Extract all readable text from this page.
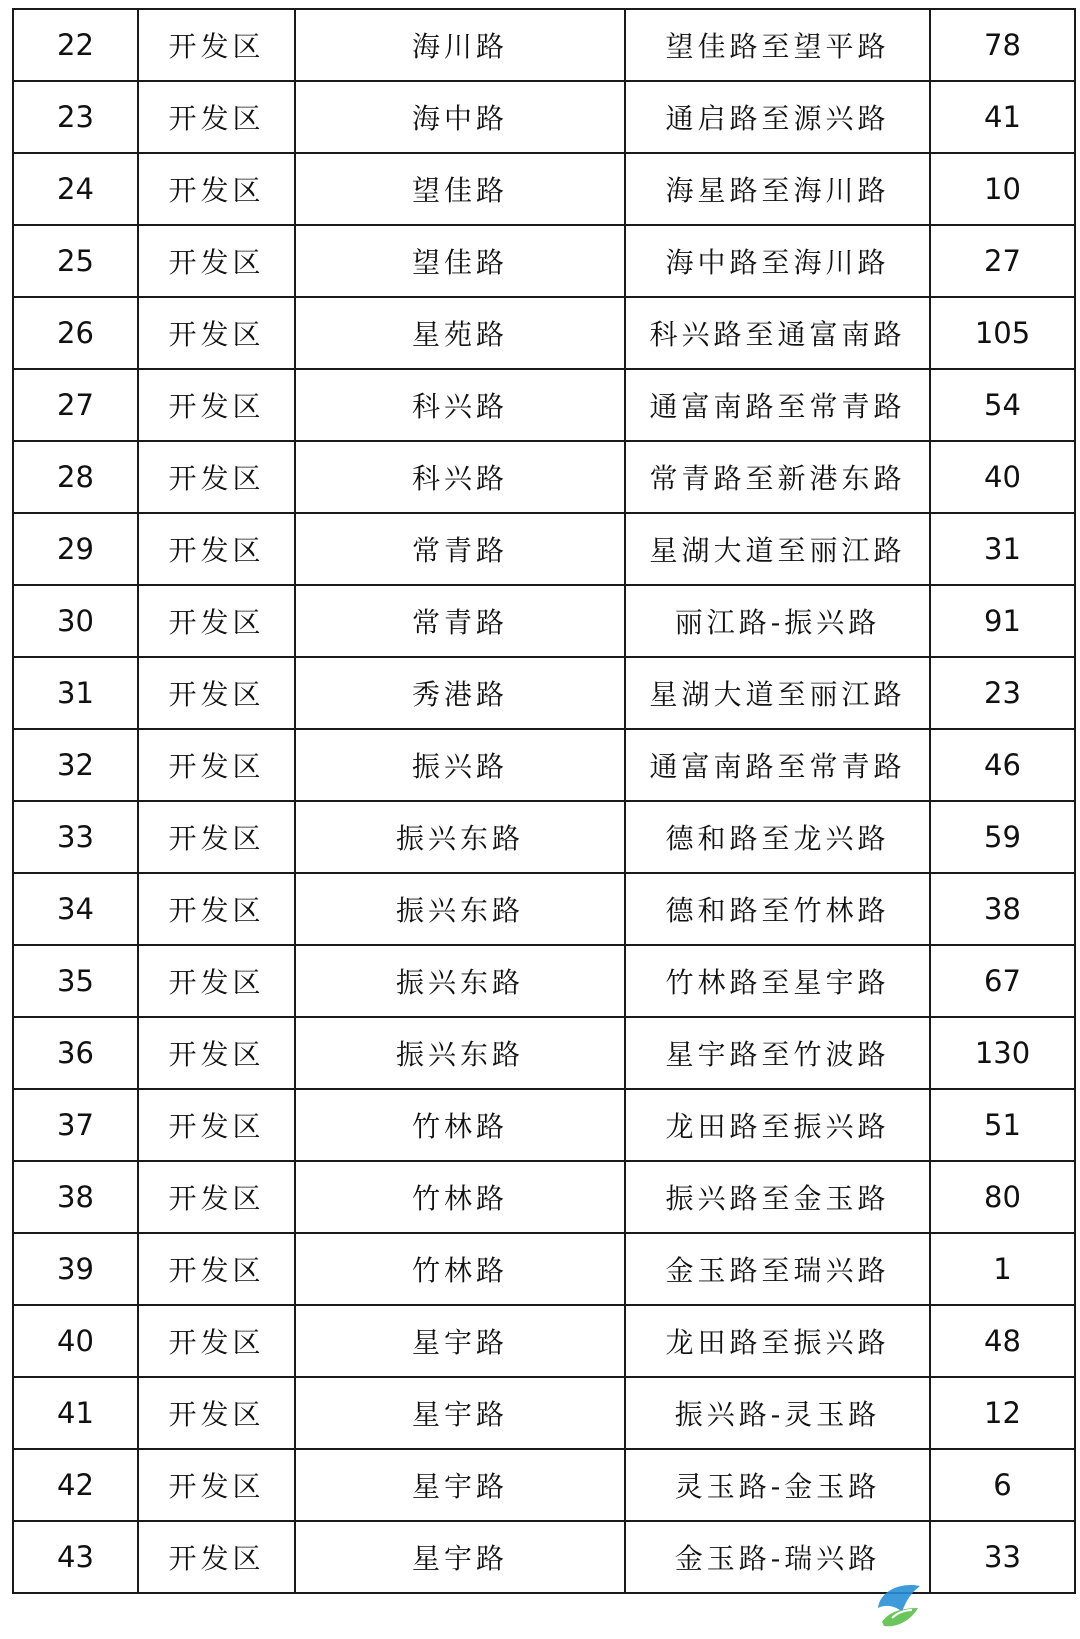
22	开发区	海川路	望佳路至望平路	78
23	开发区	海中路	通启路至源兴路	41
24	开发区	望佳路	海星路至海川路	10
25	开发区	望佳路	海中路至海川路	27
26	开发区	星苑路	科兴路至通富南路	105
27	开发区	科兴路	通富南路至常青路	54
28	开发区	科兴路	常青路至新港东路	40
29	开发区	常青路	星湖大道至丽江路	31
30	开发区	常青路	丽江路-振兴路	91
31	开发区	秀港路	星湖大道至丽江路	23
32	开发区	振兴路	通富南路至常青路	46
33	开发区	振兴东路	德和路至龙兴路	59
34	开发区	振兴东路	德和路至竹林路	38
35	开发区	振兴东路	竹林路至星宇路	67
36	开发区	振兴东路	星宇路至竹波路	130
37	开发区	竹林路	龙田路至振兴路	51
38	开发区	竹林路	振兴路至金玉路	80
39	开发区	竹林路	金玉路至瑞兴路	1
40	开发区	星宇路	龙田路至振兴路	48
41	开发区	星宇路	振兴路-灵玉路	12
42	开发区	星宇路	灵玉路-金玉路	6
43	开发区	星宇路	金玉路-瑞兴路	33
